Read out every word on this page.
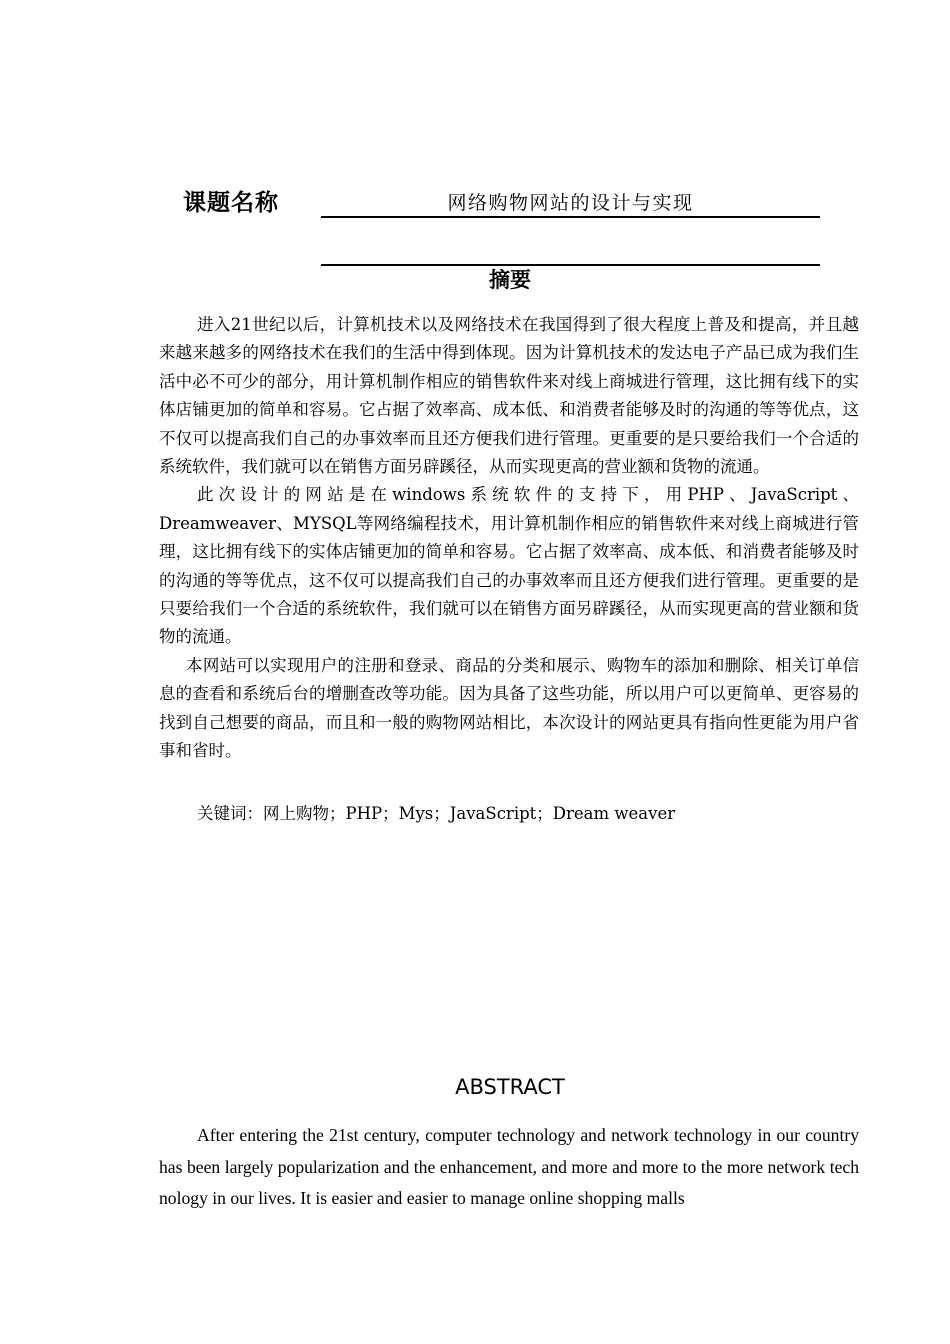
课题名称	网络购物网站的设计与实现
摘要

进入21世纪以后，计算机技术以及网络技术在我国得到了很大程度上普及和提高，并且越来越来越多的网络技术在我们的生活中得到体现。因为计算机技术的发达电子产品已成为我们生活中必不可少的部分，用计算机制作相应的销售软件来对线上商城进行管理，这比拥有线下的实体店铺更加的简单和容易。它占据了效率高、成本低、和消费者能够及时的沟通的等等优点，这不仅可以提高我们自己的办事效率而且还方便我们进行管理。更重要的是只要给我们一个合适的系统软件，我们就可以在销售方面另辟蹊径，从而实现更高的营业额和货物的流通。

此次设计的网站是在windows系统软件的支持下，用PHP、JavaScript、Dreamweaver、MYSQL等网络编程技术，用计算机制作相应的销售软件来对线上商城进行管理，这比拥有线下的实体店铺更加的简单和容易。它占据了效率高、成本低、和消费者能够及时的沟通的等等优点，这不仅可以提高我们自己的办事效率而且还方便我们进行管理。更重要的是只要给我们一个合适的系统软件，我们就可以在销售方面另辟蹊径，从而实现更高的营业额和货物的流通。

本网站可以实现用户的注册和登录、商品的分类和展示、购物车的添加和删除、相关订单信息的查看和系统后台的增删查改等功能。因为具备了这些功能，所以用户可以更简单、更容易的找到自己想要的商品，而且和一般的购物网站相比，本次设计的网站更具有指向性更能为用户省事和省时。

关键词：网上购物；PHP；Mys；JavaScript；Dream weaver
ABSTRACT

After entering the 21st century, computer technology and network technology in our country has been largely popularization and the enhancement, and more and more to the more network technology in our lives. It is easier and easier to manage online shopping malls
